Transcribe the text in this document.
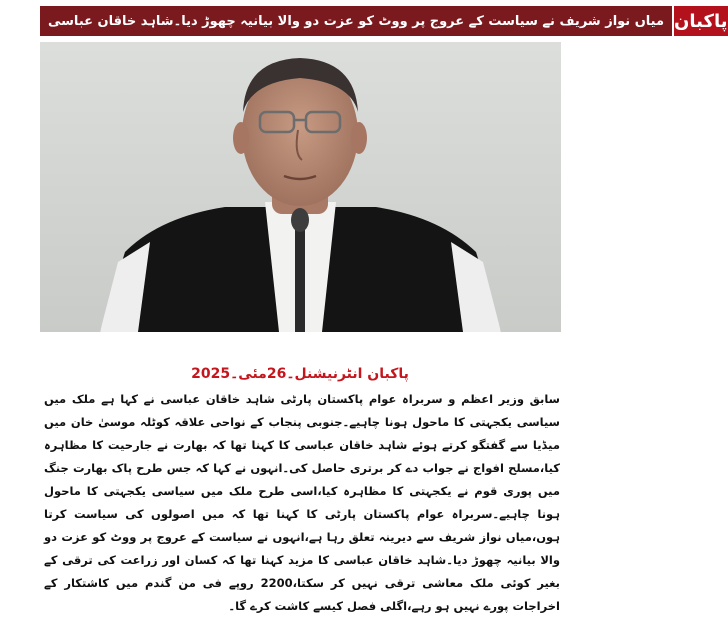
میاں نواز شریف نے سیاست کے عروج پر ووٹ کو عزت دو والا بیانیہ چھوڑ دیا۔شاہد خاقان عباسی پاکبان
پاکبان انٹرنیشنل۔26مئی۔2025

سابق وزیر اعظم و سربراہ عوام پاکستان پارٹی شاہد خاقان عباسی نے کہا ہے ملک میں سیاسی یکجہتی کا ماحول ہونا چاہیے۔جنوبی پنجاب کے نواحی علاقہ کوٹلہ موسیٰ خان میں میڈیا سے گفتگو کرتے ہوئے شاہد خاقان عباسی کا کہنا تھا کہ بھارت نے جارحیت کا مظاہرہ کیا،مسلح افواج نے جواب دے کر برتری حاصل کی۔انہوں نے کہا کہ جس طرح پاک بھارت جنگ میں پوری قوم نے یکجہتی کا مظاہرہ کیا،اسی طرح ملک میں سیاسی یکجہتی کا ماحول ہونا چاہیے۔سربراہ عوام پاکستان پارٹی کا کہنا تھا کہ میں اصولوں کی سیاست کرتا ہوں،میاں نواز شریف سے دیرینہ تعلق رہا ہے،انہوں نے سیاست کے عروج پر ووٹ کو عزت دو والا بیانیہ چھوڑ دیا۔شاہد خاقان عباسی کا مزید کہنا تھا کہ کسان اور زراعت کی ترقی کے بغیر کوئی ملک معاشی ترقی نہیں کر سکتا،2200 روپے فی من گندم میں کاشتکار کے اخراجات پورے نہیں ہو رہے،اگلی فصل کیسے کاشت کرے گا۔
